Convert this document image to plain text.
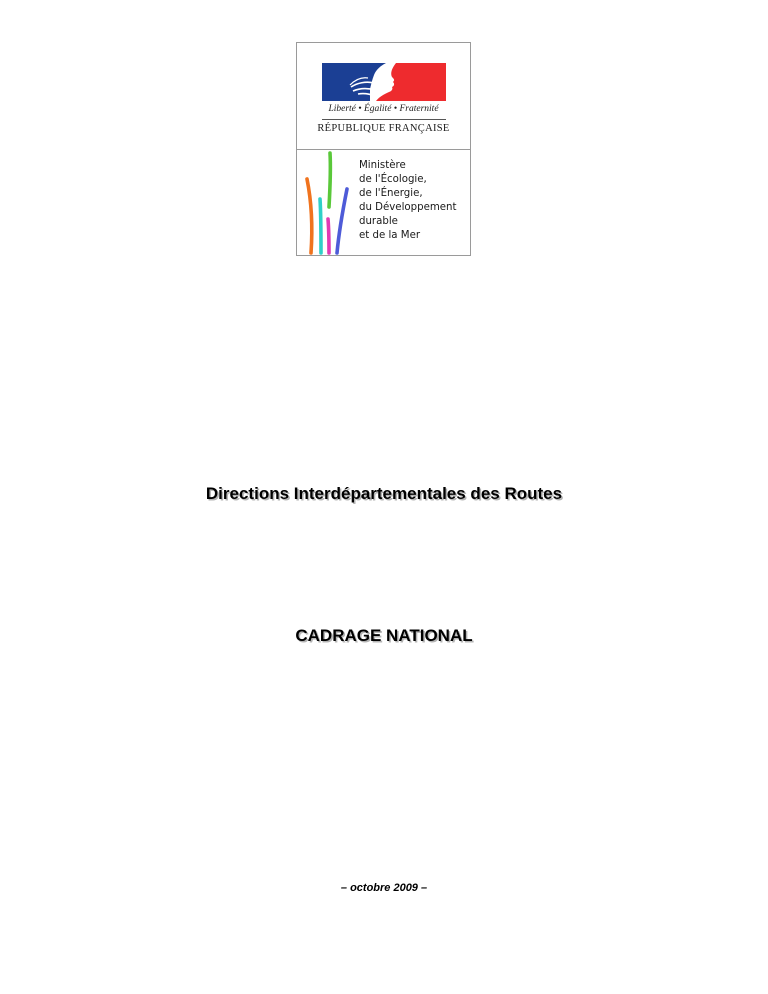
Liberté • Égalité • Fraternité
RÉPUBLIQUE FRANÇAISE
Ministère
de l'Écologie,
de l'Énergie,
du Développement
durable
et de la Mer
Directions Interdépartementales des Routes
CADRAGE NATIONAL
– octobre 2009 –
